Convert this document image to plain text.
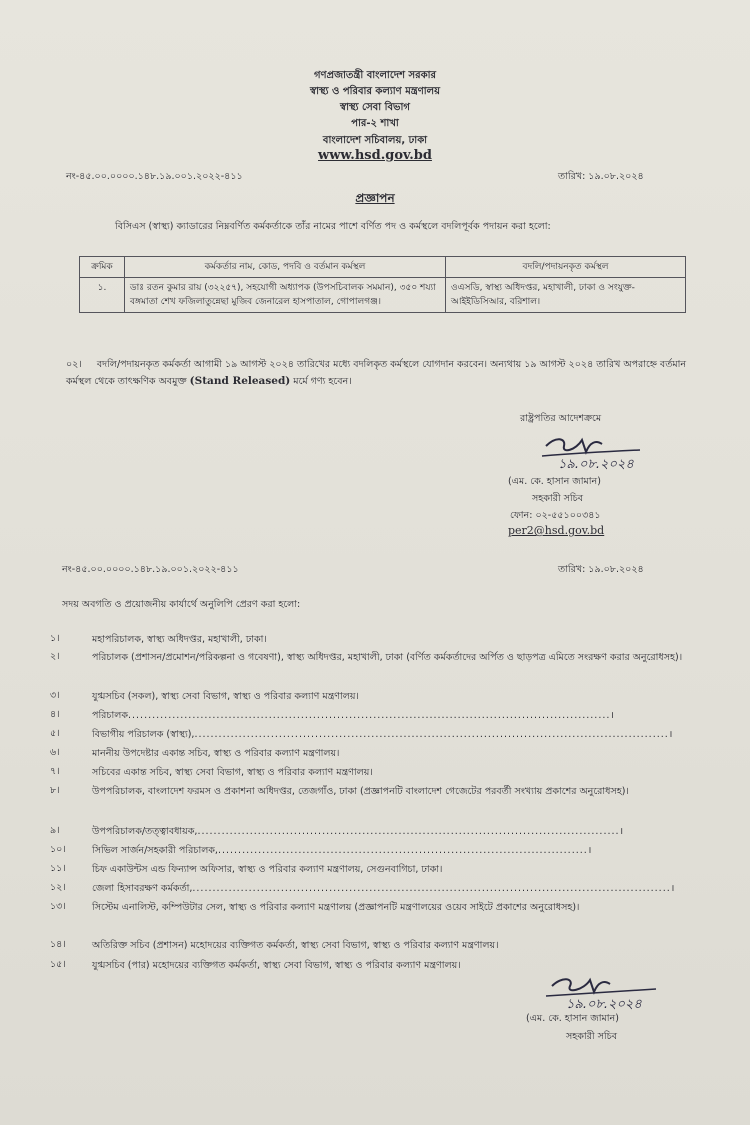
গণপ্রজাতন্ত্রী বাংলাদেশ সরকার
স্বাস্থ্য ও পরিবার কল্যাণ মন্ত্রণালয়
স্বাস্থ্য সেবা বিভাগ
পার-২ শাখা
বাংলাদেশ সচিবালয়, ঢাকা
www.hsd.gov.bd
নং-৪৫.০০.০০০০.১৪৮.১৯.০০১.২০২২-৪১১	তারিখ: ১৯.০৮.২০২৪
প্রজ্ঞাপন
বিসিএস (স্বাস্থ্য) ক্যাডারের নিম্নবর্ণিত কর্মকর্তাকে তাঁর নামের পাশে বর্ণিত পদ ও কর্মস্থলে বদলিপূর্বক পদায়ন করা হলো:
ক্রমিক	কর্মকর্তার নাম, কোড, পদবি ও বর্তমান কর্মস্থল	বদলি/পদায়নকৃত কর্মস্থল
১.	ডাঃ রতন কুমার রায় (৩২২৫৭), সহযোগী অধ্যাপক (উপসচিবালক সমমান), ৩৫০ শয্যা বঙ্গমাতা শেখ ফজিলাতুন্নেছা মুজিব জেনারেল হাসপাতাল, গোপালগঞ্জ।	ওএসডি, স্বাস্থ্য অধিদপ্তর, মহাখালী, ঢাকা ও সংযুক্ত-আইইডিসিআর, বরিশাল।
০২। বদলি/পদায়নকৃত কর্মকর্তা আগামী ১৯ আগস্ট ২০২৪ তারিখের মধ্যে বদলিকৃত কর্মস্থলে যোগদান করবেন। অন্যথায় ১৯ আগস্ট ২০২৪ তারিখ অপরাহ্নে বর্তমান কর্মস্থল থেকে তাৎক্ষণিক অবমুক্ত (Stand Released) মর্মে গণ্য হবেন।
রাষ্ট্রপতির আদেশক্রমে
১৯.০৮.২০২৪
(এম. কে. হাসান জামান)
সহকারী সচিব
ফোন: ০২-৫৫১০০৩৪১
per2@hsd.gov.bd
নং-৪৫.০০.০০০০.১৪৮.১৯.০০১.২০২২-৪১১	তারিখ: ১৯.০৮.২০২৪
সদয় অবগতি ও প্রয়োজনীয় কার্যার্থে অনুলিপি প্রেরণ করা হলো:
১।	মহাপরিচালক, স্বাস্থ্য অধিদপ্তর, মহাখালী, ঢাকা।
২।	পরিচালক (প্রশাসন/প্রমোশন/পরিকল্পনা ও গবেষণা), স্বাস্থ্য অধিদপ্তর, মহাখালী, ঢাকা (বর্ণিত কর্মকর্তাদের অর্পিত ও ছাড়পত্র এমিতে সংরক্ষণ করার অনুরোধসহ)।
৩।	যুগ্মসচিব (সকল), স্বাস্থ্য সেবা বিভাগ, স্বাস্থ্য ও পরিবার কল্যাণ মন্ত্রণালয়।
৪।	পরিচালক........................................................................................................................।
৫।	বিভাগীয় পরিচালক (স্বাস্থ্য),......................................................................................................................।
৬।	মাননীয় উপদেষ্টার একান্ত সচিব, স্বাস্থ্য ও পরিবার কল্যাণ মন্ত্রণালয়।
৭।	সচিবের একান্ত সচিব, স্বাস্থ্য সেবা বিভাগ, স্বাস্থ্য ও পরিবার কল্যাণ মন্ত্রণালয়।
৮।	উপপরিচালক, বাংলাদেশ ফরমস ও প্রকাশনা অধিদপ্তর, তেজগাঁও, ঢাকা (প্রজ্ঞাপনটি বাংলাদেশ গেজেটের পরবর্তী সংখ্যায় প্রকাশের অনুরোধসহ)।
৯।	উপপরিচালক/তত্ত্বাবধায়ক,.........................................................................................................।
১০।	সিভিল সার্জন/সহকারী পরিচালক,............................................................................................।
১১।	চিফ একাউন্টস এন্ড ফিন্যান্স অফিসার, স্বাস্থ্য ও পরিবার কল্যাণ মন্ত্রণালয়, সেগুনবাগিচা, ঢাকা।
১২।	জেলা হিসাবরক্ষণ কর্মকর্তা,.......................................................................................................................।
১৩।	সিস্টেম এনালিস্ট, কম্পিউটার সেল, স্বাস্থ্য ও পরিবার কল্যাণ মন্ত্রণালয় (প্রজ্ঞাপনটি মন্ত্রণালয়ের ওয়েব সাইটে প্রকাশের অনুরোধসহ)।
১৪।	অতিরিক্ত সচিব (প্রশাসন) মহোদয়ের ব্যক্তিগত কর্মকর্তা, স্বাস্থ্য সেবা বিভাগ, স্বাস্থ্য ও পরিবার কল্যাণ মন্ত্রণালয়।
১৫।	যুগ্মসচিব (পার) মহোদয়ের ব্যক্তিগত কর্মকর্তা, স্বাস্থ্য সেবা বিভাগ, স্বাস্থ্য ও পরিবার কল্যাণ মন্ত্রণালয়।
১৯.০৮.২০২৪
(এম. কে. হাসান জামান)
সহকারী সচিব
